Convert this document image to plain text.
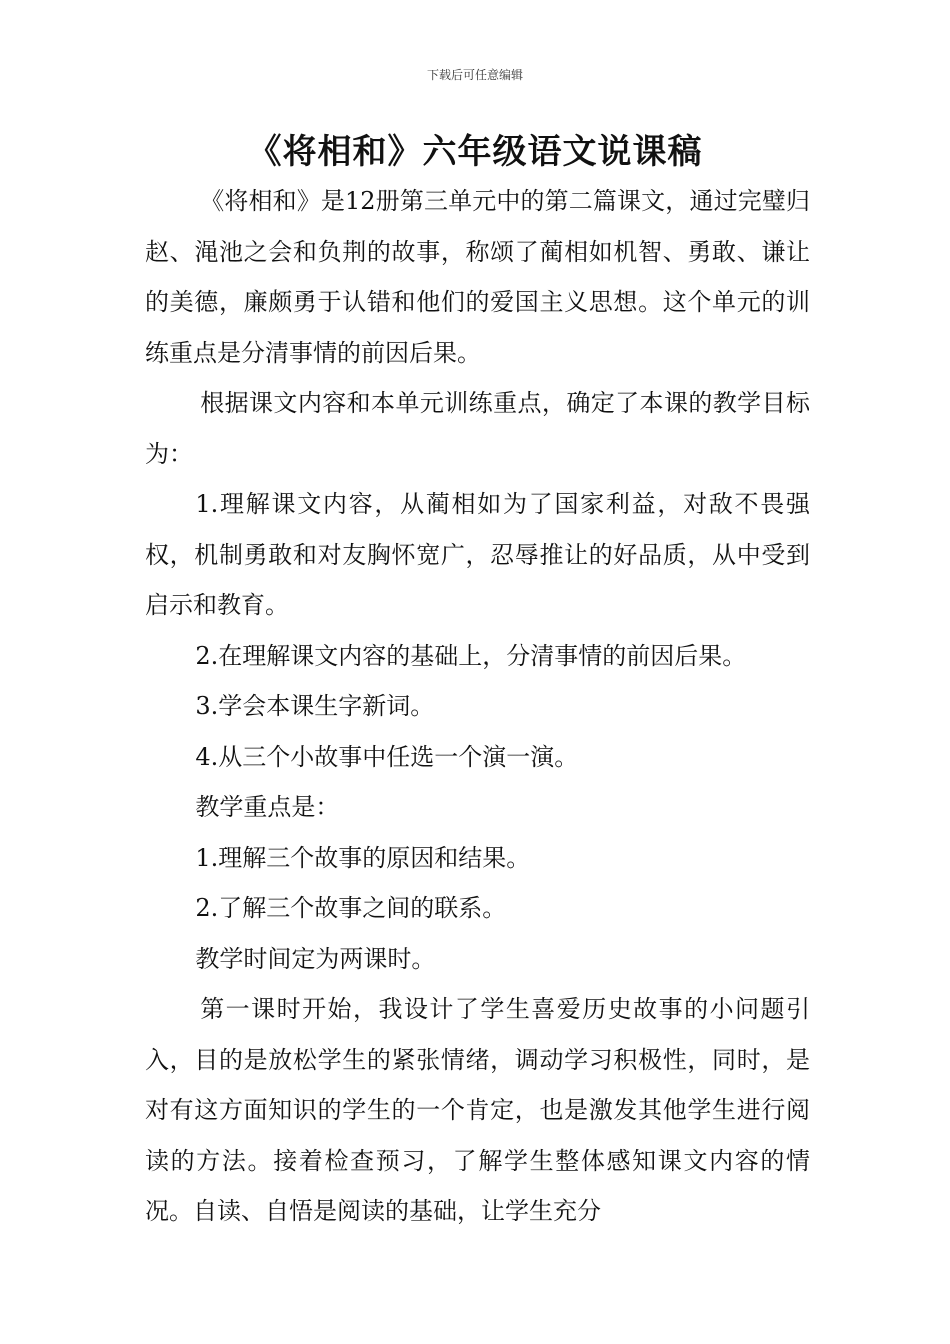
下载后可任意编辑
《将相和》六年级语文说课稿

《将相和》是12册第三单元中的第二篇课文，通过完璧归赵、渑池之会和负荆的故事，称颂了蔺相如机智、勇敢、谦让的美德，廉颇勇于认错和他们的爱国主义思想。这个单元的训练重点是分清事情的前因后果。

根据课文内容和本单元训练重点，确定了本课的教学目标为：

1.理解课文内容，从蔺相如为了国家利益，对敌不畏强权，机制勇敢和对友胸怀宽广，忍辱推让的好品质，从中受到启示和教育。

2.在理解课文内容的基础上，分清事情的前因后果。

3.学会本课生字新词。

4.从三个小故事中任选一个演一演。

教学重点是：

1.理解三个故事的原因和结果。

2.了解三个故事之间的联系。

教学时间定为两课时。

第一课时开始，我设计了学生喜爱历史故事的小问题引入，目的是放松学生的紧张情绪，调动学习积极性，同时，是对有这方面知识的学生的一个肯定，也是激发其他学生进行阅读的方法。接着检查预习，了解学生整体感知课文内容的情况。自读、自悟是阅读的基础，让学生充分
